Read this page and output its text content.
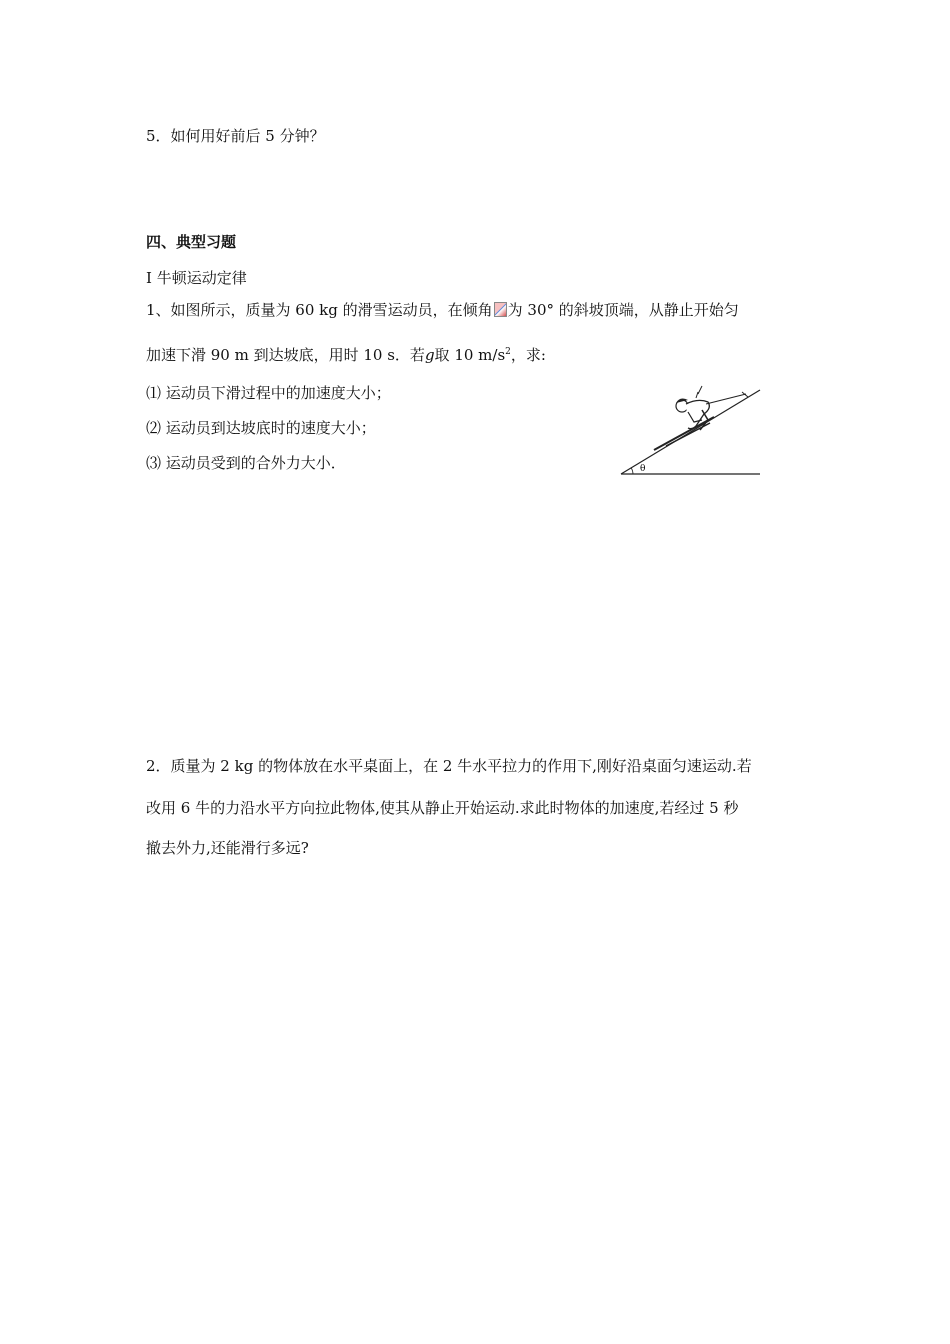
5．如何用好前后 5 分钟？
四、典型习题
Ⅰ 牛顿运动定律
1、如图所示，质量为 60 kg 的滑雪运动员，在倾角 为 30° 的斜坡顶端，从静止开始匀
加速下滑 90 m 到达坡底，用时 10 s．若g取 10 $m/s^2$，求:
⑴ 运动员下滑过程中的加速度大小；
⑵ 运动员到达坡底时的速度大小；
⑶ 运动员受到的合外力大小．	θ
2．质量为 2 kg 的物体放在水平桌面上，在 2 牛水平拉力的作用下,刚好沿桌面匀速运动.若
改用 6 牛的力沿水平方向拉此物体,使其从静止开始运动.求此时物体的加速度,若经过 5 秒
撤去外力,还能滑行多远?
